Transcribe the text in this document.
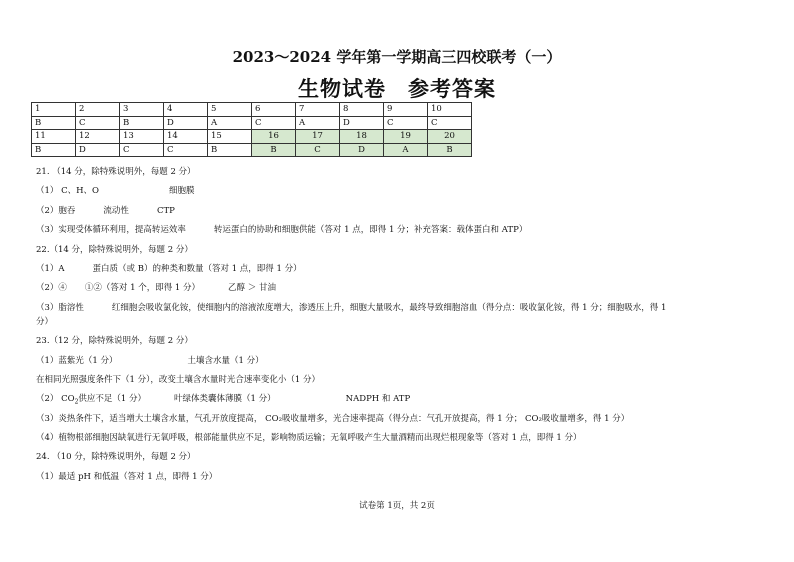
2023～2024 学年第一学期高三四校联考（一）
生物试卷　参考答案
1	2	3	4	5	6	7	8	9	10
B	C	B	D	A	C	A	D	C	C
11	12	13	14	15	16	17	18	19	20
B	D	C	C	B	B	C	D	A	B
21. （14 分，除特殊说明外，每题 2 分）
（1） C、H、O	细胞膜
（2）胞吞	流动性	CTP
（3）实现受体循环利用，提高转运效率	转运蛋白的协助和细胞供能（答对 1 点，即得 1 分；补充答案：载体蛋白和 ATP）
22.（14 分，除特殊说明外，每题 2 分）
（1）A	蛋白质（或 B）的种类和数量（答对 1 点，即得 1 分）
（2）④ ①②（答对 1 个，即得 1 分）	乙醇 ＞ 甘油
（3）脂溶性	红细胞会吸收氯化铵，使细胞内的溶液浓度增大，渗透压上升，细胞大量吸水，最终导致细胞溶血（得分点：吸收氯化铵，得 1 分；细胞吸水，得 1
分）
23.（12 分，除特殊说明外，每题 2 分）
（1）蓝紫光（1 分）	土壤含水量（1 分）
在相同光照强度条件下（1 分），改变土壤含水量时光合速率变化小（1 分）
（2） $CO_2$供应不足（1 分）	叶绿体类囊体薄膜（1 分）	NADPH 和 ATP
（3）炎热条件下，适当增大土壤含水量，气孔开放度提高， CO₂吸收量增多，光合速率提高（得分点：气孔开放提高，得 1 分； CO₂吸收量增多，得 1 分）
（4）植物根部细胞因缺氧进行无氧呼吸，根部能量供应不足，影响物质运输；无氧呼吸产生大量酒精而出现烂根现象等（答对 1 点，即得 1 分）
24. （10 分，除特殊说明外，每题 2 分）
（1）最适 pH 和低温（答对 1 点，即得 1 分）
试卷第 1页，共 2页
